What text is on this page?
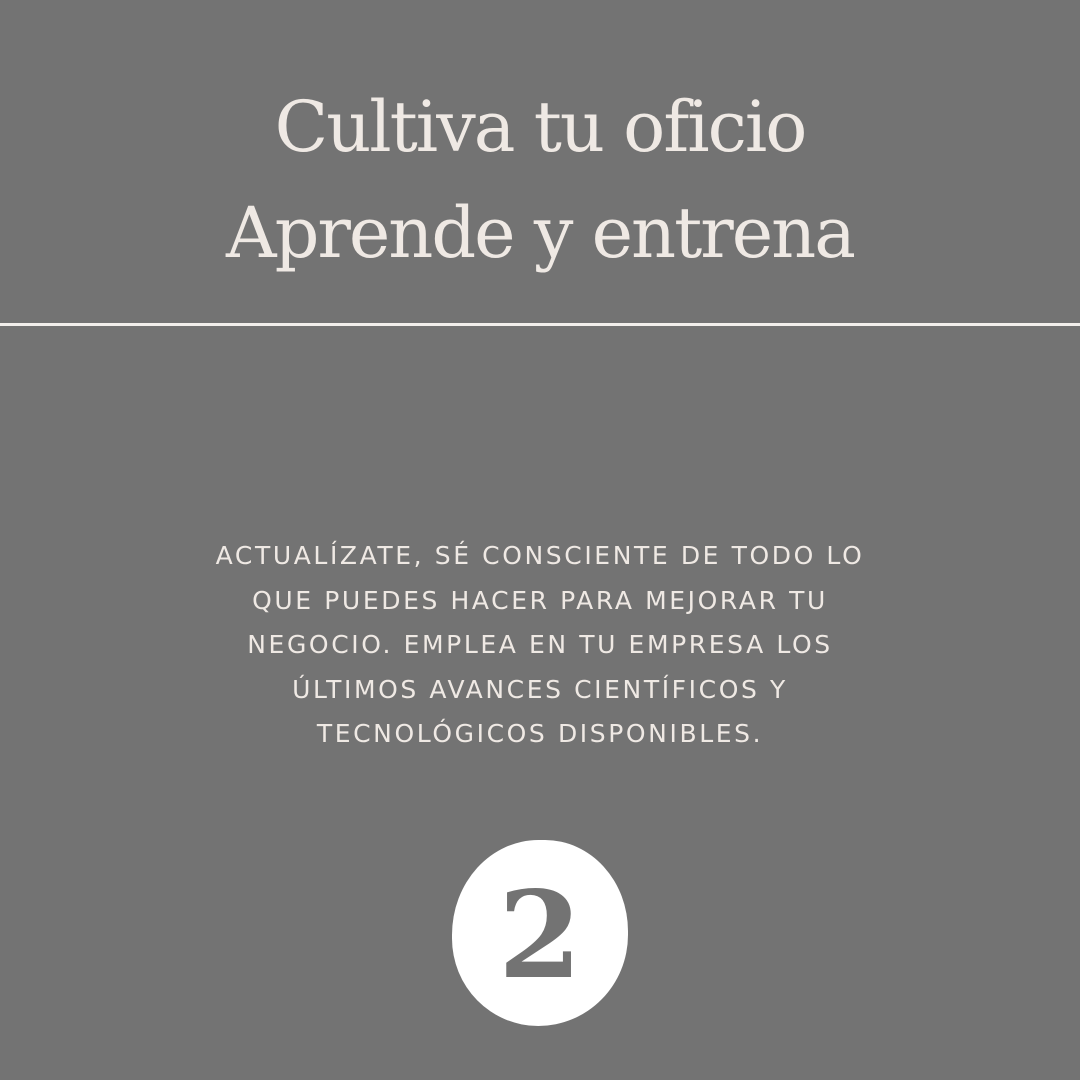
Cultiva tu oficio
Aprende y entrena

ACTUALÍZATE, SÉ CONSCIENTE DE TODO LO
QUE PUEDES HACER PARA MEJORAR TU
NEGOCIO. EMPLEA EN TU EMPRESA LOS
ÚLTIMOS AVANCES CIENTÍFICOS Y
TECNOLÓGICOS DISPONIBLES.

2
